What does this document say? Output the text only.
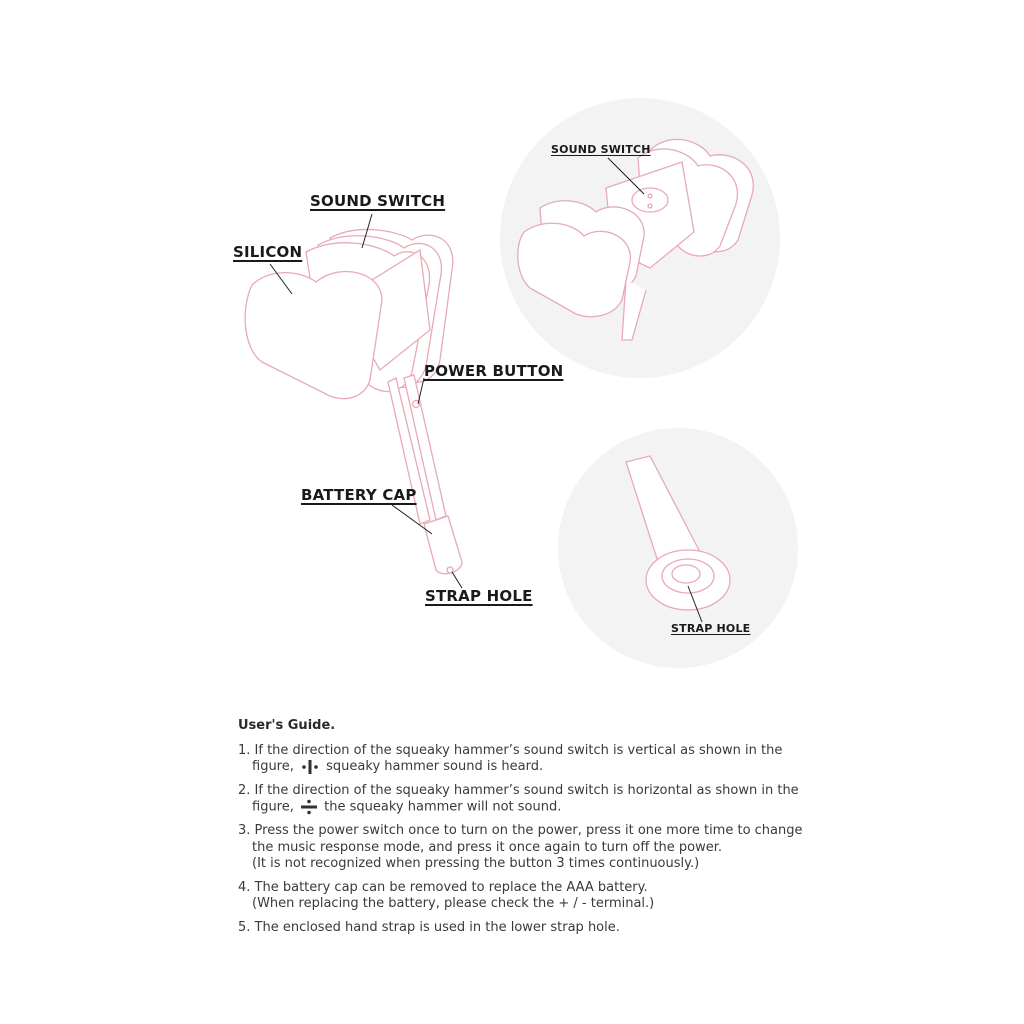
SOUND SWITCH
SILICON
POWER BUTTON
BATTERY CAP
STRAP HOLE
SOUND SWITCH
STRAP HOLE
User's Guide.
1. If the direction of the squeaky hammer’s sound switch is vertical as shown in the
figure, squeaky hammer sound is heard.
2. If the direction of the squeaky hammer’s sound switch is horizontal as shown in the
figure, the squeaky hammer will not sound.
3. Press the power switch once to turn on the power, press it one more time to change
the music response mode, and press it once again to turn off the power.
(It is not recognized when pressing the button 3 times continuously.)
4. The battery cap can be removed to replace the AAA battery.
(When replacing the battery, please check the + / - terminal.)
5. The enclosed hand strap is used in the lower strap hole.
